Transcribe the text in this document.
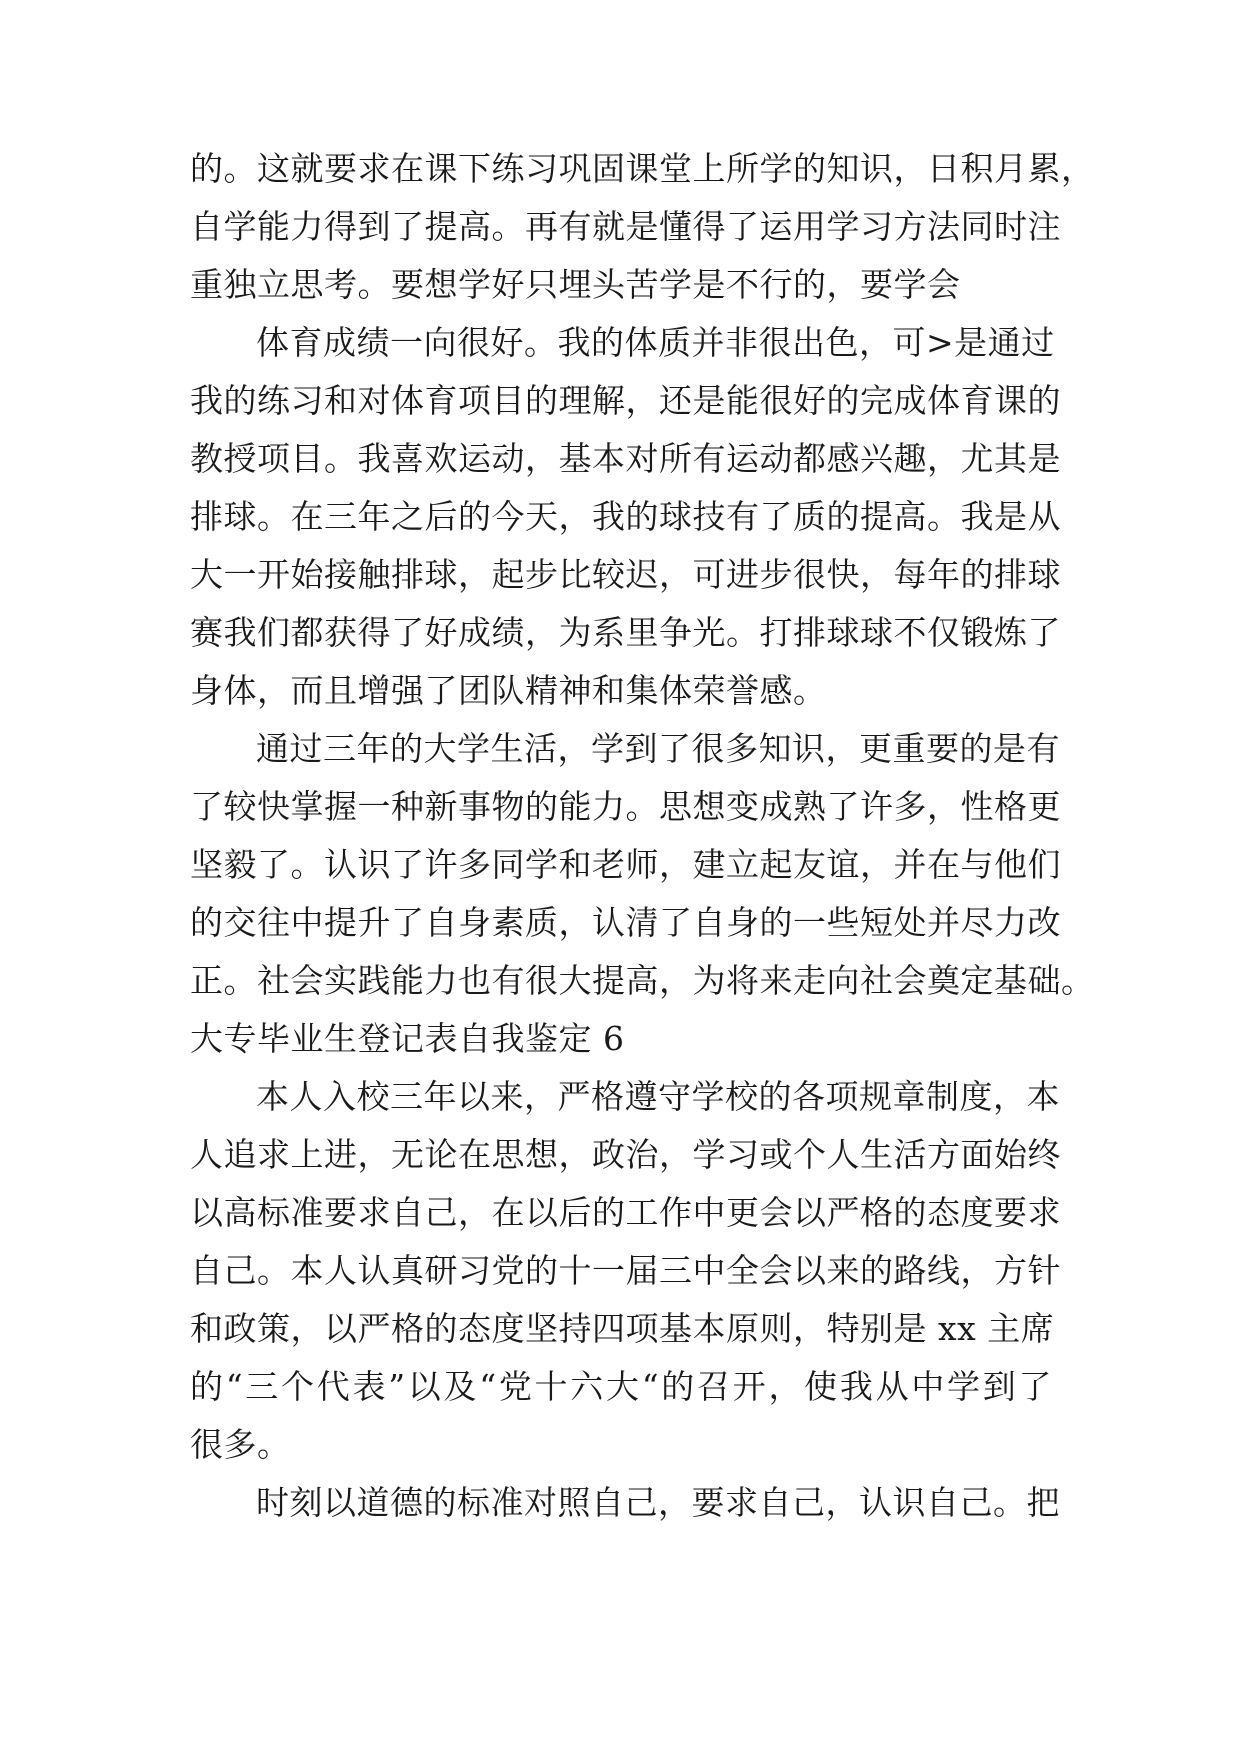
的。这就要求在课下练习巩固课堂上所学的知识，日积月累，
自学能力得到了提高。再有就是懂得了运用学习方法同时注
重独立思考。要想学好只埋头苦学是不行的，要学会
体育成绩一向很好。我的体质并非很出色，可>是通过
我的练习和对体育项目的理解，还是能很好的完成体育课的
教授项目。我喜欢运动，基本对所有运动都感兴趣，尤其是
排球。在三年之后的今天，我的球技有了质的提高。我是从
大一开始接触排球，起步比较迟，可进步很快，每年的排球
赛我们都获得了好成绩，为系里争光。打排球球不仅锻炼了
身体，而且增强了团队精神和集体荣誉感。
通过三年的大学生活，学到了很多知识，更重要的是有
了较快掌握一种新事物的能力。思想变成熟了许多，性格更
坚毅了。认识了许多同学和老师，建立起友谊，并在与他们
的交往中提升了自身素质，认清了自身的一些短处并尽力改
正。社会实践能力也有很大提高，为将来走向社会奠定基础。
大专毕业生登记表自我鉴定 6
本人入校三年以来，严格遵守学校的各项规章制度，本
人追求上进，无论在思想，政治，学习或个人生活方面始终
以高标准要求自己，在以后的工作中更会以严格的态度要求
自己。本人认真研习党的十一届三中全会以来的路线，方针
和政策，以严格的态度坚持四项基本原则，特别是 xx 主席
的“三个代表”以及“党十六大“的召开，使我从中学到了
很多。
时刻以道德的标准对照自己，要求自己，认识自己。把
